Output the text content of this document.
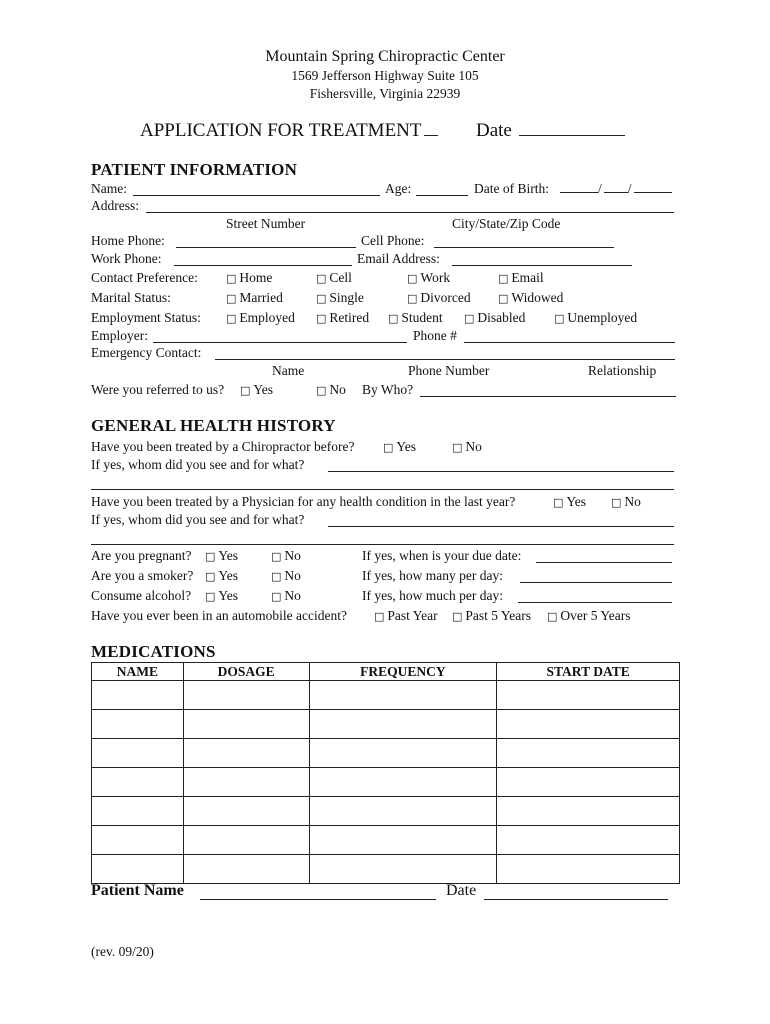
Mountain Spring Chiropractic Center
1569 Jefferson Highway Suite 105
Fishersville, Virginia 22939
APPLICATION FOR TREATMENT	Date
PATIENT INFORMATION
Name:	Age:	Date of Birth:	/ /
Address:
Street Number	City/State/Zip Code
Home Phone:	Cell Phone:
Work Phone:	Email Address:
Contact Preference:	□ Home	□ Cell	□ Work	□ Email
Marital Status:	□ Married	□ Single	□ Divorced □ Widowed
Employment Status: □ Employed □ Retired □ Student □ Disabled	□ Unemployed
Employer:	Phone #
Emergency Contact:
Name	Phone Number	Relationship
Were you referred to us? □ Yes	□ No By Who?
GENERAL HEALTH HISTORY
Have you been treated by a Chiropractor before?	□ Yes	□ No
If yes, whom did you see and for what?
Have you been treated by a Physician for any health condition in the last year?	□ Yes □ No
If yes, whom did you see and for what?
Are you pregnant? □ Yes	□ No	If yes, when is your due date:
Are you a smoker? □ Yes	□ No	If yes, how many per day:
Consume alcohol? □ Yes	□ No	If yes, how much per day:
Have you ever been in an automobile accident? □ Past Year □ Past 5 Years □ Over 5 Years
MEDICATIONS
NAME	DOSAGE	FREQUENCY	START DATE

Patient Name	Date
(rev. 09/20)
